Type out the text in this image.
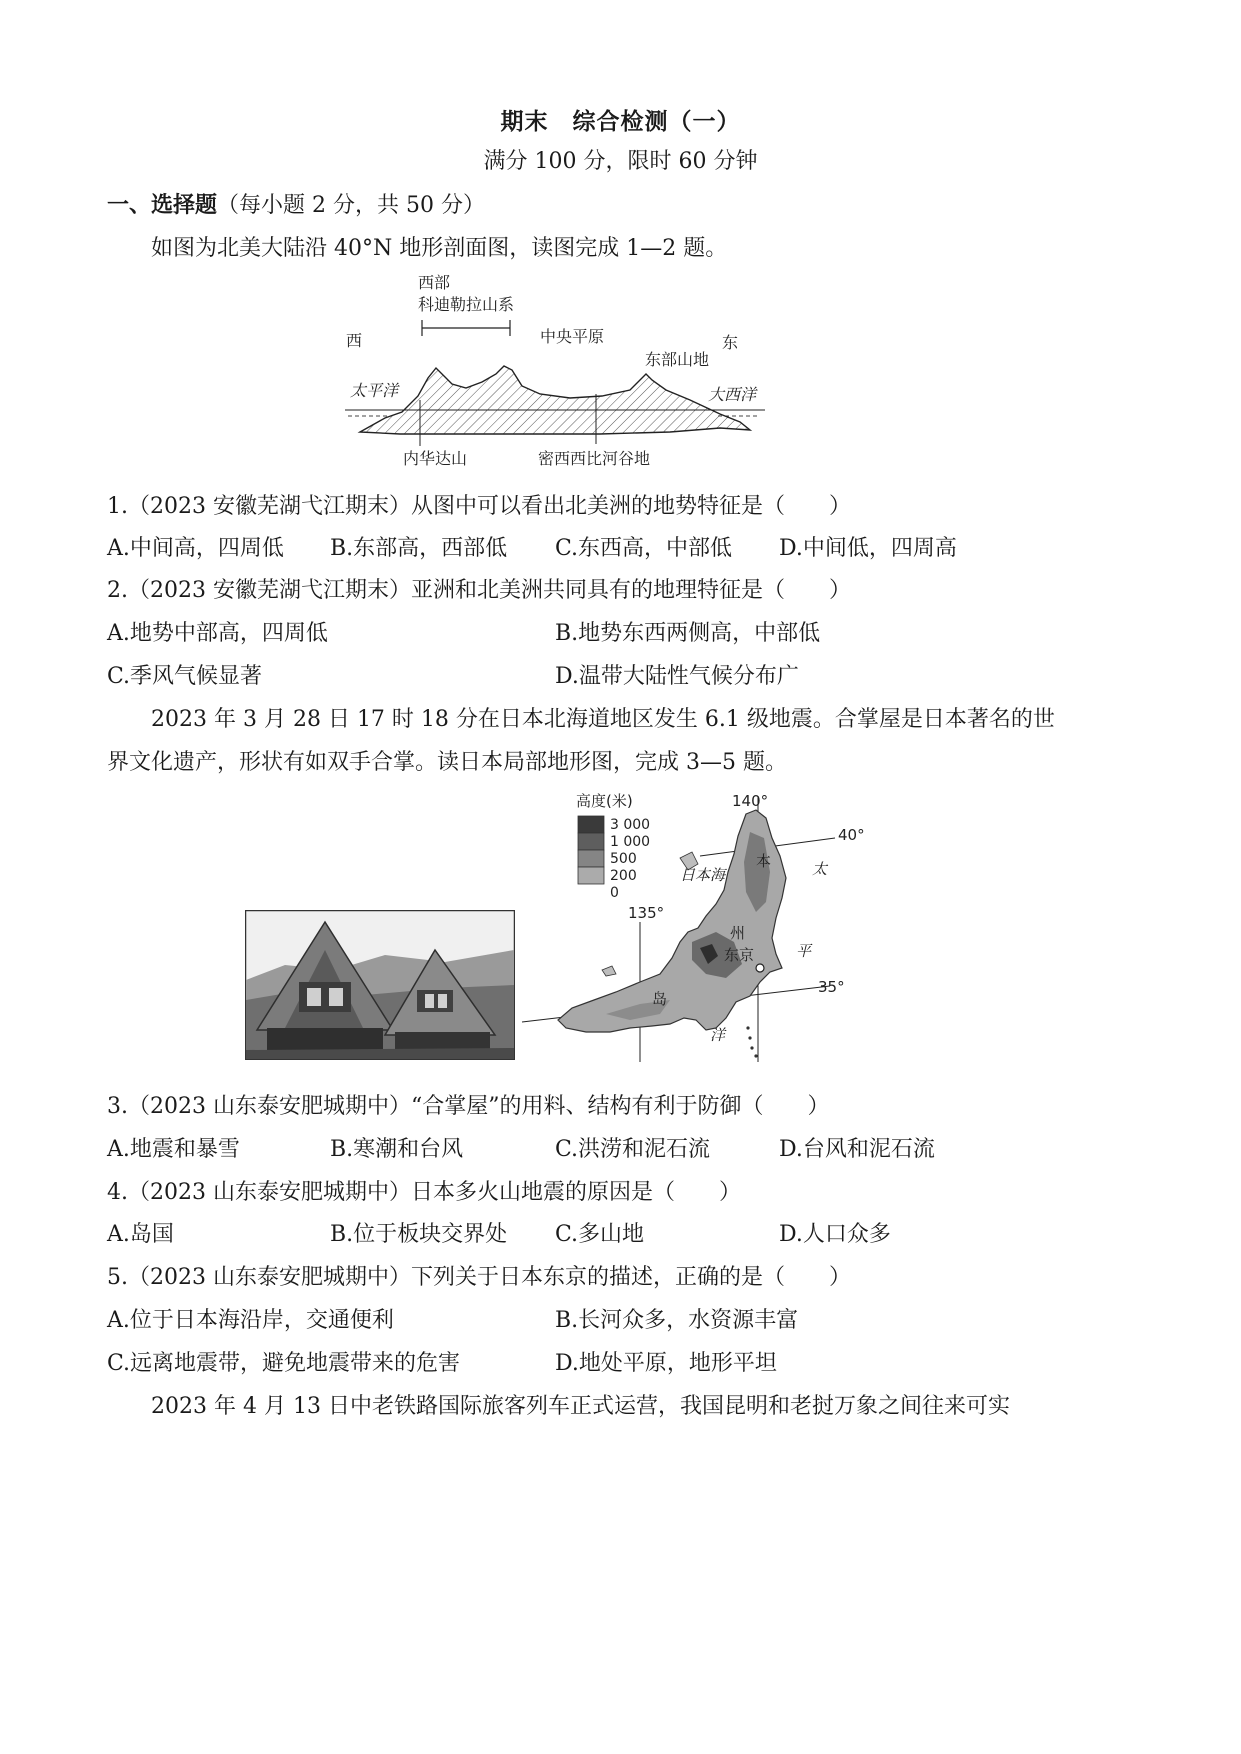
期末　综合检测（一）
满分 100 分，限时 60 分钟
一、选择题（每小题 2 分，共 50 分）
如图为北美大陆沿 40°N 地形剖面图，读图完成 1—2 题。
西部
科迪勒拉山系
西	中央平原	东
东部山地
太平洋	大西洋
内华达山	密西西比河谷地
1.（2023 安徽芜湖弋江期末）从图中可以看出北美洲的地势特征是（　　）
A.中间高，四周低 B.东部高，西部低 C.东西高，中部低 D.中间低，四周高
2.（2023 安徽芜湖弋江期末）亚洲和北美洲共同具有的地理特征是（　　）
A.地势中部高，四周低	B.地势东西两侧高，中部低
C.季风气候显著	D.温带大陆性气候分布广
2023 年 3 月 28 日 17 时 18 分在日本北海道地区发生 6.1 级地震。合掌屋是日本著名的世
界文化遗产，形状有如双手合掌。读日本局部地形图，完成 3—5 题。
高度(米)
3 000
1 000
500
200
0
140°
135°
40°
35°
日本海
本
州
岛
东京
太
平
洋
3.（2023 山东泰安肥城期中）“合掌屋”的用料、结构有利于防御（　　）
A.地震和暴雪	B.寒潮和台风	C.洪涝和泥石流	D.台风和泥石流
4.（2023 山东泰安肥城期中）日本多火山地震的原因是（　　）
A.岛国	B.位于板块交界处 C.多山地	D.人口众多
5.（2023 山东泰安肥城期中）下列关于日本东京的描述，正确的是（　　）
A.位于日本海沿岸，交通便利	B.长河众多，水资源丰富
C.远离地震带，避免地震带来的危害	D.地处平原，地形平坦
2023 年 4 月 13 日中老铁路国际旅客列车正式运营，我国昆明和老挝万象之间往来可实
